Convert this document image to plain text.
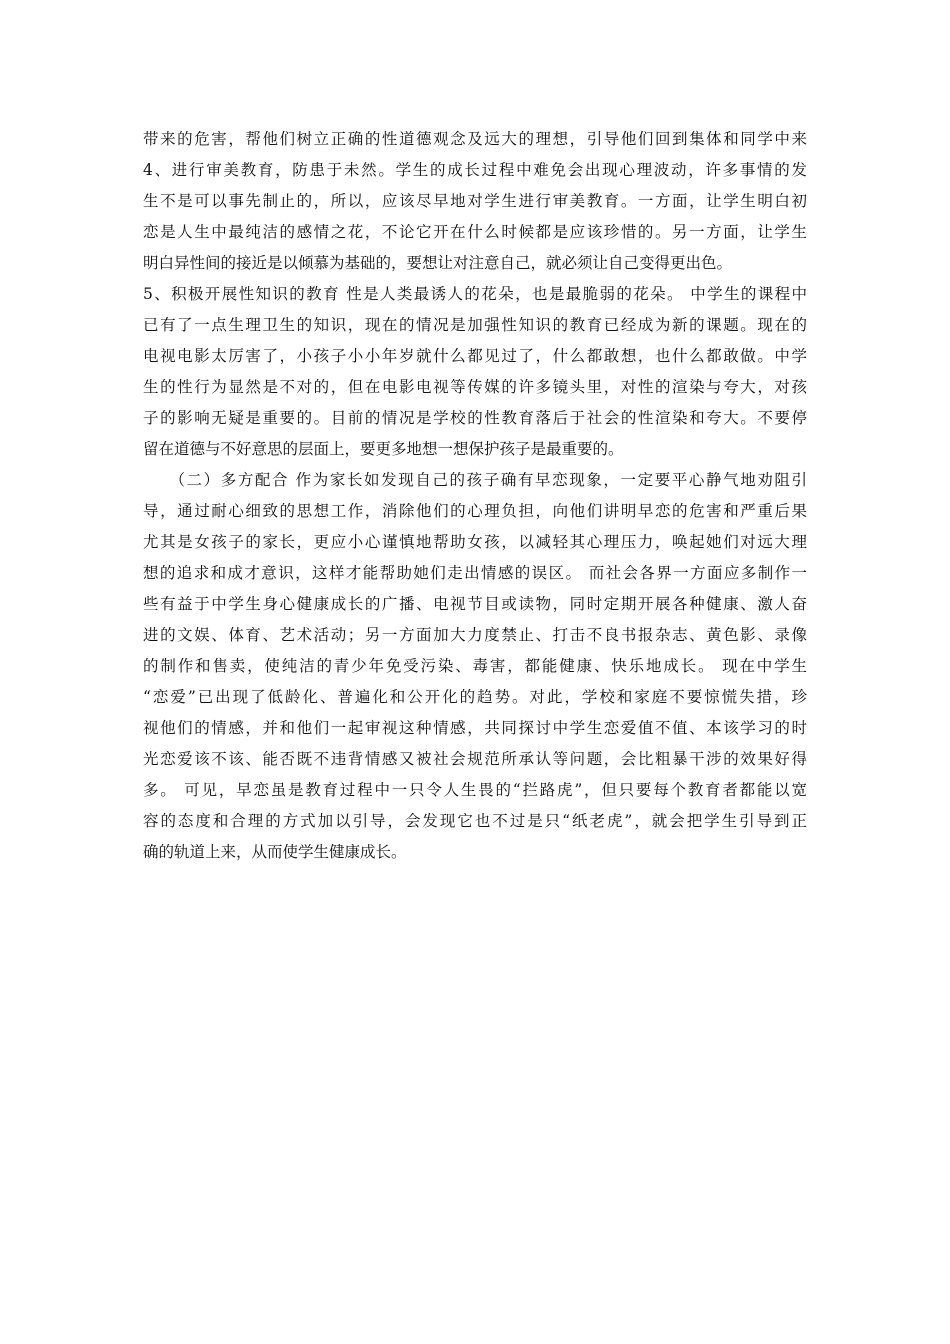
带来的危害，帮他们树立正确的性道德观念及远大的理想，引导他们回到集体和同学中来
4、进行审美教育，防患于未然。学生的成长过程中难免会出现心理波动，许多事情的发
生不是可以事先制止的，所以，应该尽早地对学生进行审美教育。一方面，让学生明白初
恋是人生中最纯洁的感情之花，不论它开在什么时候都是应该珍惜的。另一方面，让学生
明白异性间的接近是以倾慕为基础的，要想让对注意自己，就必须让自己变得更出色。
5、积极开展性知识的教育 性是人类最诱人的花朵，也是最脆弱的花朵。 中学生的课程中
已有了一点生理卫生的知识，现在的情况是加强性知识的教育已经成为新的课题。现在的
电视电影太厉害了，小孩子小小年岁就什么都见过了，什么都敢想，也什么都敢做。中学
生的性行为显然是不对的，但在电影电视等传媒的许多镜头里，对性的渲染与夸大，对孩
子的影响无疑是重要的。目前的情况是学校的性教育落后于社会的性渲染和夸大。不要停
留在道德与不好意思的层面上，要更多地想一想保护孩子是最重要的。
　　（二）多方配合 作为家长如发现自己的孩子确有早恋现象，一定要平心静气地劝阻引
导，通过耐心细致的思想工作，消除他们的心理负担，向他们讲明早恋的危害和严重后果
尤其是女孩子的家长，更应小心谨慎地帮助女孩，以减轻其心理压力，唤起她们对远大理
想的追求和成才意识，这样才能帮助她们走出情感的误区。 而社会各界一方面应多制作一
些有益于中学生身心健康成长的广播、电视节目或读物，同时定期开展各种健康、激人奋
进的文娱、体育、艺术活动；另一方面加大力度禁止、打击不良书报杂志、黄色影、录像
的制作和售卖，使纯洁的青少年免受污染、毒害，都能健康、快乐地成长。 现在中学生
“恋爱”已出现了低龄化、普遍化和公开化的趋势。对此，学校和家庭不要惊慌失措，珍
视他们的情感，并和他们一起审视这种情感，共同探讨中学生恋爱值不值、本该学习的时
光恋爱该不该、能否既不违背情感又被社会规范所承认等问题，会比粗暴干涉的效果好得
多。 可见，早恋虽是教育过程中一只令人生畏的“拦路虎”，但只要每个教育者都能以宽
容的态度和合理的方式加以引导，会发现它也不过是只“纸老虎”，就会把学生引导到正
确的轨道上来，从而使学生健康成长。
